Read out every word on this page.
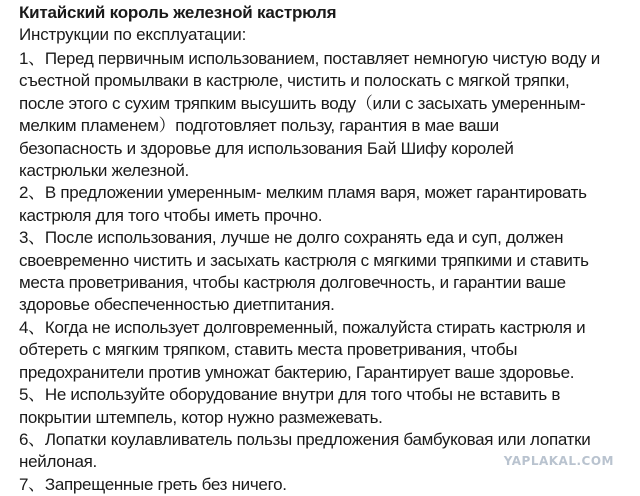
Китайский король железной кастрюля

Инструкции по експлуатации:

1、Перед первичным использованием, поставляет немногую чистую воду и

съестной промылваки в кастрюле, чистить и полоскать с мягкой тряпки,

после этого с сухим тряпким высушить воду（или с засыхать умеренным-

мелким пламенем）подготовляет пользу, гарантия в мае ваши

безопасность и здоровье для использования Бай Шифу королей

кастрюльки железной.

2、В предложении умеренным- мелким пламя варя, может гарантировать

кастрюля для того чтобы иметь прочно.

3、После использования, лучше не долго сохранять еда и суп, должен

своевременно чистить и засыхать кастрюля с мягкими тряпкими и ставить

места проветривания, чтобы кастрюля долговечность, и гарантии ваше

здоровье обеспеченностью диетпитания.

4、Когда не использует долговременный, пожалуйста стирать кастрюля и

обтереть с мягким тряпком, ставить места проветривания, чтобы

предохранители против умножат бактерию, Гарантирует ваше здоровье.

5、Не используйте оборудование внутри для того чтобы не вставить в

покрытии штемпель, котор нужно размежевать.

6、Лопатки коулавливатель пользы предложения бамбуковая или лопатки

нейлоная.

7、Запрещенные греть без ничего.

YAPLAKAL.COM
